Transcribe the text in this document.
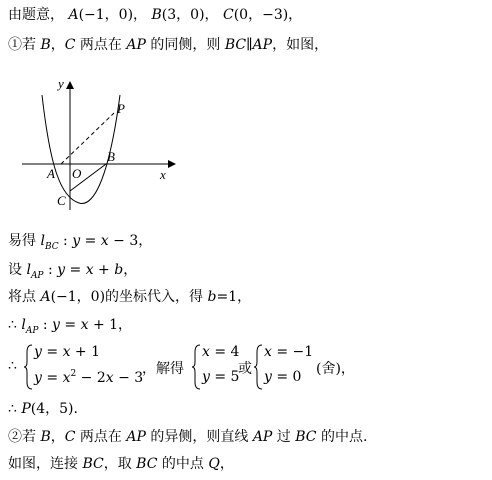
由题意， A(−1，0)， B(3，0)， C(0，−3)，
①若 B，C 两点在 AP 的同侧，则 BC∥AP，如图，
x
y
O
A
B
C
P
易得 $l_{BC}$ : y = x − 3，
设 $l_{AP}$ : y = x + b，
将点 A(−1，0)的坐标代入，得 b=1，
∴ $l_{AP}$ : y = x + 1，
∴
y = x + 1
$y = x^2 - 2x - 3$
，解得
x = 4
y = 5
或
x = −1
y = 0 (舍)，
∴ P(4，5).
②若 B，C 两点在 AP 的异侧，则直线 AP 过 BC 的中点.
如图，连接 BC，取 BC 的中点 Q，
